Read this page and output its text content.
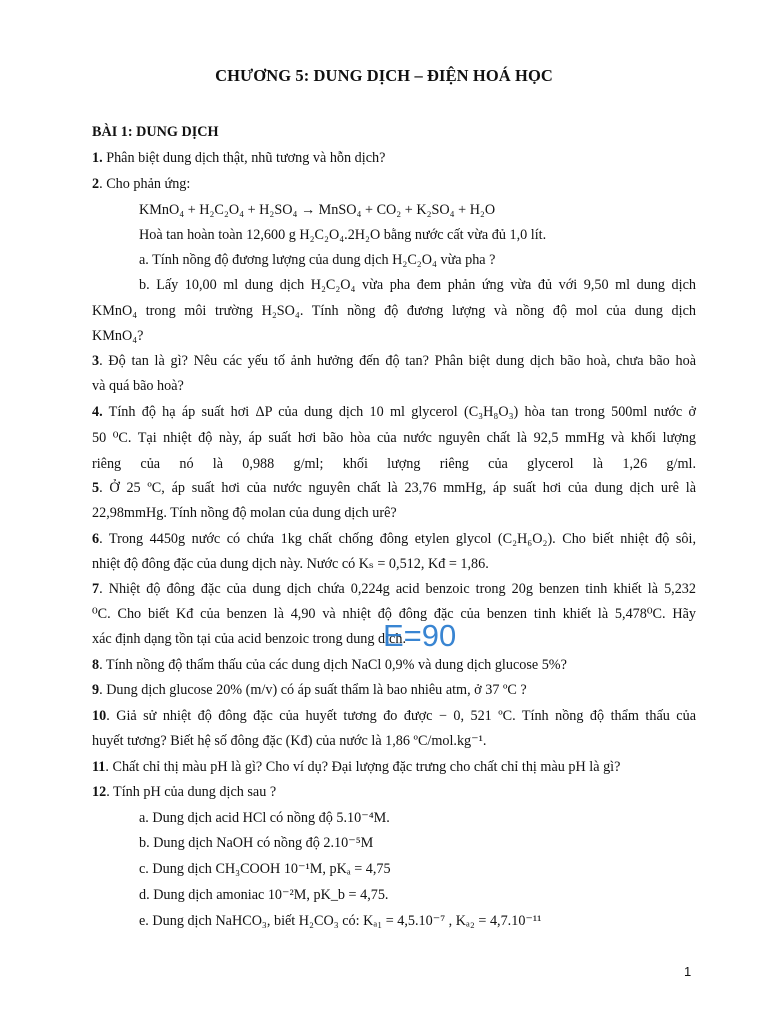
CHƯƠNG 5: DUNG DỊCH – ĐIỆN HOÁ HỌC
BÀI 1: DUNG DỊCH
1. Phân biệt dung dịch thật, nhũ tương và hỗn dịch?
2. Cho phản ứng:
KMnO₄ + H₂C₂O₄ + H₂SO₄ → MnSO₄ + CO₂ + K₂SO₄ + H₂O
Hoà tan hoàn toàn 12,600 g H₂C₂O₄.2H₂O bằng nước cất vừa đủ 1,0 lít.
a. Tính nồng độ đương lượng của dung dịch H₂C₂O₄ vừa pha ?
b. Lấy 10,00 ml dung dịch H₂C₂O₄ vừa pha đem phản ứng vừa đủ với 9,50 ml dung dịch
KMnO₄ trong môi trường H₂SO₄. Tính nồng độ đương lượng và nồng độ mol của dung dịch
KMnO₄?
3. Độ tan là gì? Nêu các yếu tố ảnh hưởng đến độ tan? Phân biệt dung dịch bão hoà, chưa bão hoà
và quá bão hoà?
4. Tính độ hạ áp suất hơi ΔP của dung dịch 10 ml glycerol (C₃H₈O₃) hòa tan trong 500ml nước ở
50 ⁰C. Tại nhiệt độ này, áp suất hơi bão hòa của nước nguyên chất là 92,5 mmHg và khối lượng
riêng của nó là 0,988 g/ml; khối lượng riêng của glycerol là 1,26 g/ml.
5. Ở 25 ºC, áp suất hơi của nước nguyên chất là 23,76 mmHg, áp suất hơi của dung dịch urê là
22,98mmHg. Tính nồng độ molan của dung dịch urê?
6. Trong 4450g nước có chứa 1kg chất chống đông etylen glycol (C₂H₆O₂). Cho biết nhiệt độ sôi,
nhiệt độ đông đặc của dung dịch này. Nước có Kₛ = 0,512, Kđ = 1,86.
7. Nhiệt độ đông đặc của dung dịch chứa 0,224g acid benzoic trong 20g benzen tinh khiết là 5,232
⁰C. Cho biết Kđ của benzen là 4,90 và nhiệt độ đông đặc của benzen tinh khiết là 5,478⁰C. Hãy
xác định dạng tồn tại của acid benzoic trong dung dịch.
8. Tính nồng độ thẩm thấu của các dung dịch NaCl 0,9% và dung dịch glucose 5%?
9. Dung dịch glucose 20% (m/v) có áp suất thẩm là bao nhiêu atm, ở 37 ºC ?
10. Giả sử nhiệt độ đông đặc của huyết tương đo được − 0, 521 ºC. Tính nồng độ thẩm thấu của
huyết tương? Biết hệ số đông đặc (Kđ) của nước là 1,86 ºC/mol.kg⁻¹.
11. Chất chỉ thị màu pH là gì? Cho ví dụ? Đại lượng đặc trưng cho chất chỉ thị màu pH là gì?
12. Tính pH của dung dịch sau ?
a. Dung dịch acid HCl có nồng độ 5.10⁻⁴M.
b. Dung dịch NaOH có nồng độ 2.10⁻⁵M
c. Dung dịch CH₃COOH 10⁻¹M, pKₐ = 4,75
d. Dung dịch amoniac 10⁻²M, pK_b = 4,75.
e. Dung dịch NaHCO₃, biết H₂CO₃ có: Kₐ₁ = 4,5.10⁻⁷ , Kₐ₂ = 4,7.10⁻¹¹
E=90
1
